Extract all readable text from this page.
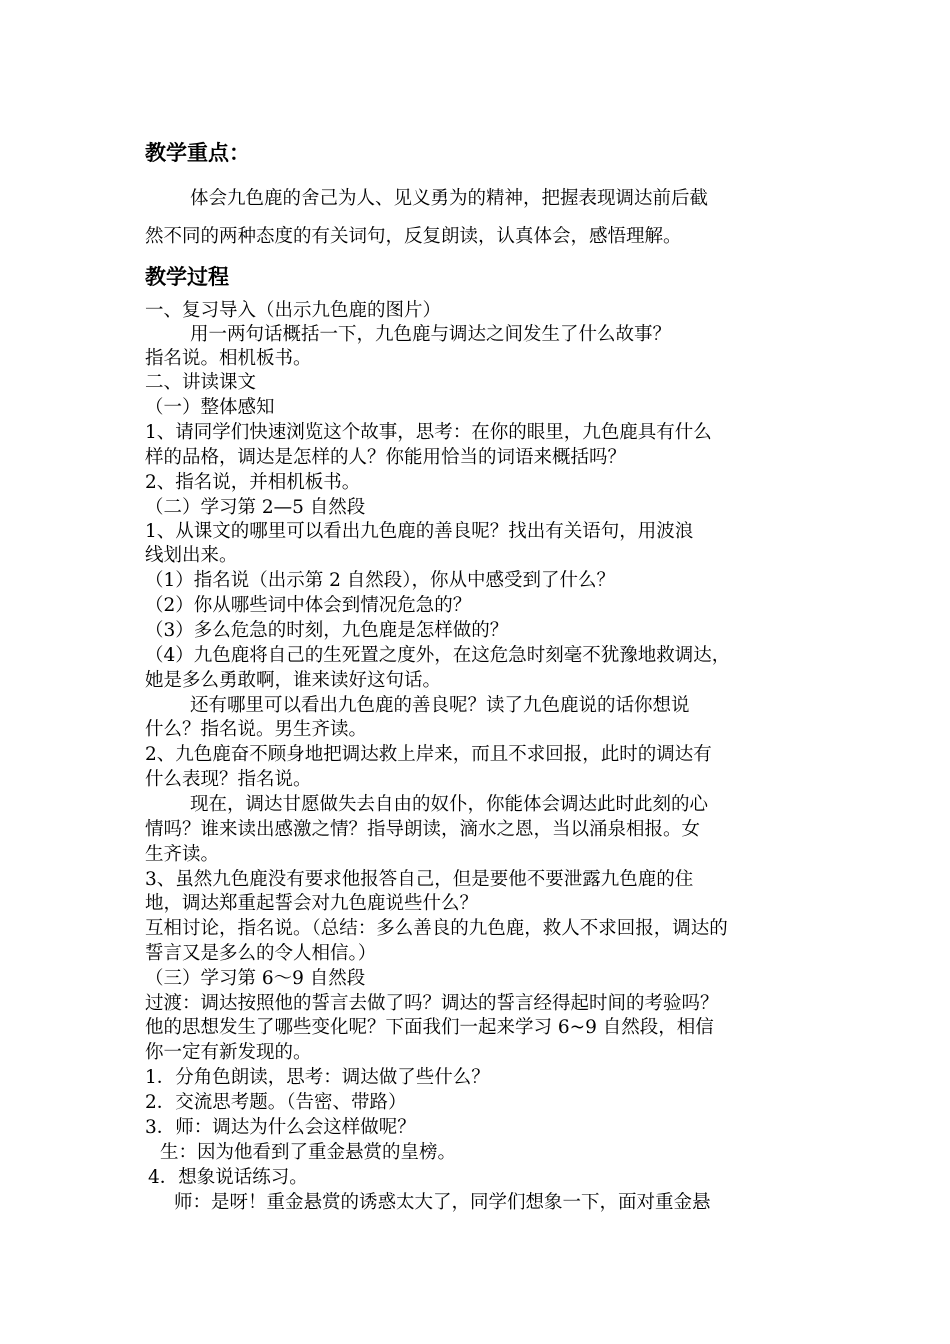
教学重点：
体会九色鹿的舍己为人、见义勇为的精神，把握表现调达前后截
然不同的两种态度的有关词句，反复朗读，认真体会，感悟理解。
教学过程
一、复习导入（出示九色鹿的图片）
用一两句话概括一下，九色鹿与调达之间发生了什么故事？
指名说。相机板书。
二、讲读课文
（一）整体感知
1、请同学们快速浏览这个故事，思考：在你的眼里，九色鹿具有什么
样的品格，调达是怎样的人？你能用恰当的词语来概括吗？
2、指名说，并相机板书。
（二）学习第 2—5 自然段
1、从课文的哪里可以看出九色鹿的善良呢？找出有关语句，用波浪
线划出来。
（1）指名说（出示第 2 自然段），你从中感受到了什么？
（2）你从哪些词中体会到情况危急的？
（3）多么危急的时刻，九色鹿是怎样做的？
（4）九色鹿将自己的生死置之度外，在这危急时刻毫不犹豫地救调达，
她是多么勇敢啊，谁来读好这句话。
还有哪里可以看出九色鹿的善良呢？读了九色鹿说的话你想说
什么？指名说。男生齐读。
2、九色鹿奋不顾身地把调达救上岸来，而且不求回报，此时的调达有
什么表现？指名说。
现在，调达甘愿做失去自由的奴仆，你能体会调达此时此刻的心
情吗？谁来读出感激之情？指导朗读，滴水之恩，当以涌泉相报。女
生齐读。
3、虽然九色鹿没有要求他报答自己，但是要他不要泄露九色鹿的住
地，调达郑重起誓会对九色鹿说些什么？
互相讨论，指名说。（总结：多么善良的九色鹿，救人不求回报，调达的
誓言又是多么的令人相信。）
（三）学习第 6～9 自然段
过渡：调达按照他的誓言去做了吗？调达的誓言经得起时间的考验吗？
他的思想发生了哪些变化呢？下面我们一起来学习 6~9 自然段，相信
你一定有新发现的。
1．分角色朗读，思考：调达做了些什么？
2．交流思考题。（告密、带路）
3．师：调达为什么会这样做呢？
生：因为他看到了重金悬赏的皇榜。
4．想象说话练习。
师：是呀！重金悬赏的诱惑太大了，同学们想象一下，面对重金悬
